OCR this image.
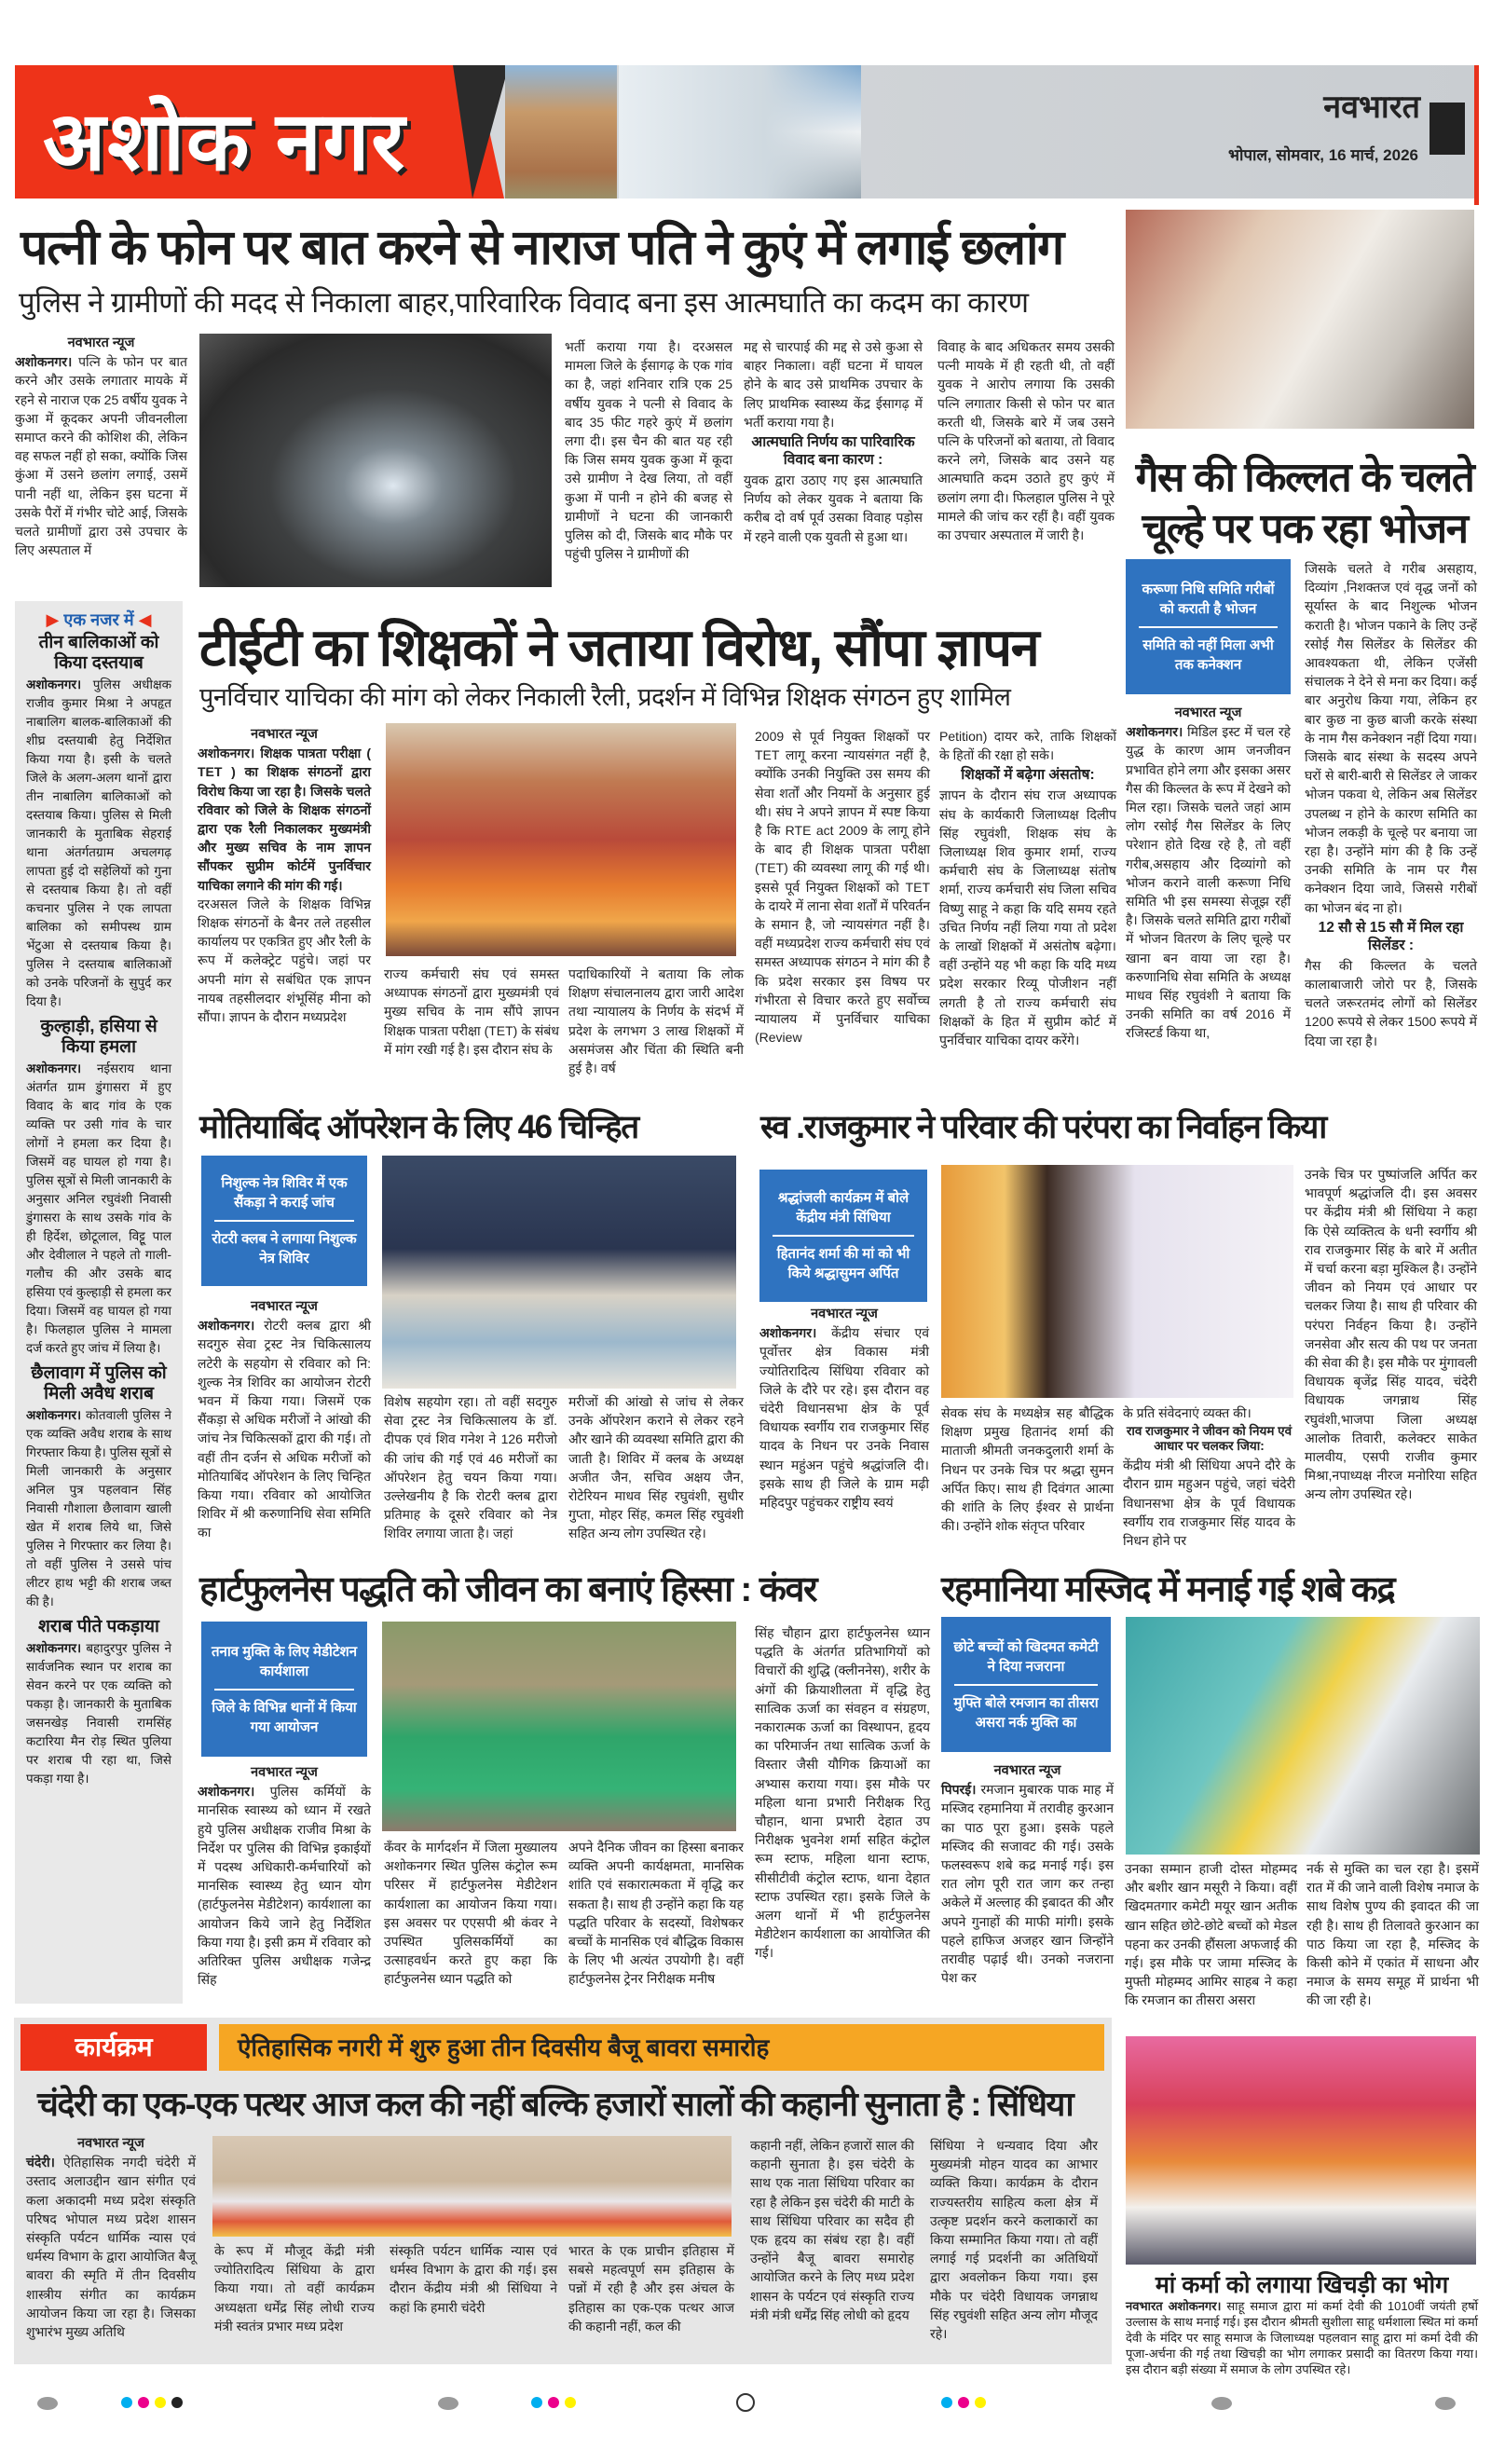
अशोक नगर	नवभारत
भोपाल, सोमवार, 16 मार्च, 2026
पत्नी के फोन पर बात करने से नाराज पति ने कुएं में लगाई छलांग
पुलिस ने ग्रामीणों की मदद से निकाला बाहर,पारिवारिक विवाद बना इस आत्मघाति का कदम का कारण
नवभारत न्यूज
अशोकनगर। पत्नि के फोन पर बात करने और उसके लगातार मायके में रहने से नाराज एक 25 वर्षीय युवक ने कुआ में कूदकर अपनी जीवनलीला समाप्त करने की कोशिश की, लेकिन वह सफल नहीं हो सका, क्योंकि जिस कुंआ में उसने छलांग लगाई, उसमें पानी नहीं था, लेकिन इस घटना में उसके पैरों में गंभीर चोटे आई, जिसके चलते ग्रामीणों द्वारा उसे उपचार के लिए अस्पताल में
भर्ती कराया गया है। दरअसल मामला जिले के ईसागढ़ के एक गांव का है, जहां शनिवार रात्रि एक 25 वर्षीय युवक ने पत्नी से विवाद के बाद 35 फीट गहरे कुएं में छलांग लगा दी। इस चैन की बात यह रही कि जिस समय युवक कुआ में कूदा उसे ग्रामीण ने देख लिया, तो वहीं कुआ में पानी न होने की बजह से ग्रामीणों ने घटना की जानकारी पुलिस को दी, जिसके बाद मौके पर पहुंची पुलिस ने ग्रामीणों की
मद्द से चारपाई की मद्द से उसे कुआ से बाहर निकाला। वहीं घटना में घायल होने के बाद उसे प्राथमिक उपचार के लिए प्राथमिक स्वास्थ्य केंद्र ईसागढ़ में भर्ती कराया गया है।
आत्मघाति निर्णय का पारिवारिक विवाद बना कारण :
युवक द्वारा उठाए गए इस आत्मघाति निर्णय को लेकर युवक ने बताया कि करीब दो वर्ष पूर्व उसका विवाह पड़ोस में रहने वाली एक युवती से हुआ था।
विवाह के बाद अधिकतर समय उसकी पत्नी मायके में ही रहती थी, तो वहीं युवक ने आरोप लगाया कि उसकी पत्नि लगातार किसी से फोन पर बात करती थी, जिसके बारे में जब उसने पत्नि के परिजनों को बताया, तो विवाद करने लगे, जिसके बाद उसने यह आत्मघाति कदम उठाते हुए कुएं में छलांग लगा दी। फिलहाल पुलिस ने पूरे मामले की जांच कर रहीं है। वहीं युवक का उपचार अस्पताल में जारी है।
गैस की किल्लत के चलते
चूल्हे पर पक रहा भोजन
करूणा निधि समिति गरीबों को कराती है भोजन
समिति को नहीं मिला अभी तक कनेक्शन
नवभारत न्यूज
अशोकनगर। मिडिल इस्ट में चल रहे युद्ध के कारण आम जनजीवन प्रभावित होने लगा और इसका असर गैस की किल्लत के रूप में देखने को मिल रहा। जिसके चलते जहां आम लोग रसोई गैस सिलेंडर के लिए परेशान होते दिख रहे है, तो वहीं गरीब,असहाय और दिव्यांगो को भोजन कराने वाली करूणा निधि समिति भी इस समस्या सेजूझ रहीं है। जिसके चलते समिति द्वारा गरीबों में भोजन वितरण के लिए चूल्हे पर खाना बन वाया जा रहा है। करुणानिधि सेवा समिति के अध्यक्ष माधव सिंह रघुवंशी ने बताया कि उनकी समिति का वर्ष 2016 में रजिस्टर्ड किया था,
जिसके चलते वे गरीब असहाय, दिव्यांग ,निशक्तज एवं वृद्ध जनों को सूर्यास्त के बाद निशुल्क भोजन कराती है। भोजन पकाने के लिए उन्हें रसोई गैस सिलेंडर के सिलेंडर की आवश्यकता थी, लेकिन एजेंसी संचालक ने देने से मना कर दिया। कई बार अनुरोध किया गया, लेकिन हर बार कुछ ना कुछ बाजी करके संस्था के नाम गैस कनेक्शन नहीं दिया गया। जिसके बाद संस्था के सदस्य अपने घरों से बारी-बारी से सिलेंडर ले जाकर भोजन पकवा थे, लेकिन अब सिलेंडर उपलब्ध न होने के कारण समिति का भोजन लकड़ी के चूल्हे पर बनाया जा रहा है। उन्होंने मांग की है कि उन्हें उनकी समिति के नाम पर गैस कनेक्शन दिया जावे, जिससे गरीबों का भोजन बंद ना हो।
12 सौ से 15 सौ में मिल रहा सिलेंडर :
गैस की किल्लत के चलते कालाबाजारी जोरो पर है, जिसके चलते जरूरतमंद लोगों को सिलेंडर 1200 रूपये से लेकर 1500 रूपये में दिया जा रहा है।
▶ एक नजर में ◀
तीन बालिकाओं को किया दस्तयाब
अशोकनगर। पुलिस अधीक्षक राजीव कुमार मिश्रा ने अपहृत नाबालिग बालक-बालिकाओं की शीघ्र दस्तयाबी हेतु निर्देशित किया गया है। इसी के चलते जिले के अलग-अलग थानों द्वारा तीन नाबालिग बालिकाओं को दस्तयाब किया। पुलिस से मिली जानकारी के मुताबिक सेहराई थाना अंतर्गतग्राम अचलगढ़ लापता हुई दो सहेलियों को गुना से दस्तयाब किया है। तो वहीं कचनार पुलिस ने एक लापता बालिका को समीपस्थ ग्राम भेंटुआ से दस्तयाब किया है। पुलिस ने दस्तयाब बालिकाओं को उनके परिजनों के सुपुर्द कर दिया है।
कुल्हाड़ी, हसिया से किया हमला
अशोकनगर। नईसराय थाना अंतर्गत ग्राम डुंगासरा में हुए विवाद के बाद गांव के एक व्यक्ति पर उसी गांव के चार लोगों ने हमला कर दिया है। जिसमें वह घायल हो गया है। पुलिस सूत्रों से मिली जानकारी के अनुसार अनिल रघुवंशी निवासी डुंगासरा के साथ उसके गांव के ही हिर्देश, छोटूलाल, विट्टू पाल और देवीलाल ने पहले तो गाली-गलौच की और उसके बाद हसिया एवं कुल्हाड़ी से हमला कर दिया। जिसमें वह घायल हो गया है। फिलहाल पुलिस ने मामला दर्ज करते हुए जांच में लिया है।
छैलावाग में पुलिस को मिली अवैध शराब
अशोकनगर। कोतवाली पुलिस ने एक व्यक्ति अवैध शराब के साथ गिरफ्तार किया है। पुलिस सूत्रों से मिली जानकारी के अनुसार अनिल पुत्र पहलवान सिंह निवासी गौशाला छैलावाग खाली खेत में शराब लिये था, जिसे पुलिस ने गिरफ्तार कर लिया है। तो वहीं पुलिस ने उससे पांच लीटर हाथ भट्टी की शराब जब्त की है।
शराब पीते पकड़ाया
अशोकनगर। बहादुरपुर पुलिस ने सार्वजनिक स्थान पर शराब का सेवन करने पर एक व्यक्ति को पकड़ा है। जानकारी के मुताबिक जसनखेड़ निवासी रामसिंह कटारिया मैन रोड़ स्थित पुलिया पर शराब पी रहा था, जिसे पकड़ा गया है।
टीईटी का शिक्षकों ने जताया विरोध, सौंपा ज्ञापन
पुनर्विचार याचिका की मांग को लेकर निकाली रैली, प्रदर्शन में विभिन्न शिक्षक संगठन हुए शामिल
नवभारत न्यूज
अशोकनगर। शिक्षक पात्रता परीक्षा ( TET ) का शिक्षक संगठनों द्वारा विरोध किया जा रहा है। जिसके चलते रविवार को जिले के शिक्षक संगठनों द्वारा एक रैली निकालकर मुख्यमंत्री और मुख्य सचिव के नाम ज्ञापन सौंपकर सुप्रीम कोर्टमें पुनर्विचार याचिका लगाने की मांग की गई।
दरअसल जिले के शिक्षक विभिन्न शिक्षक संगठनों के बैनर तले तहसील कार्यालय पर एकत्रित हुए और रैली के रूप में कलेक्ट्रेट पहुंचे। जहां पर अपनी मांग से सबंधित एक ज्ञापन नायब तहसीलदार शंभूसिंह मीना को सौंपा। ज्ञापन के दौरान मध्यप्रदेश
राज्य कर्मचारी संघ एवं समस्त अध्यापक संगठनों द्वारा मुख्यमंत्री एवं मुख्य सचिव के नाम सौंपे ज्ञापन शिक्षक पात्रता परीक्षा (TET) के संबंध में मांग रखी गई है। इस दौरान संघ के
पदाधिकारियों ने बताया कि लोक शिक्षण संचालनालय द्वारा जारी आदेश तथा न्यायालय के निर्णय के संदर्भ में प्रदेश के लगभग 3 लाख शिक्षकों में असमंजस और चिंता की स्थिति बनी हुई है। वर्ष
2009 से पूर्व नियुक्त शिक्षकों पर TET लागू करना न्यायसंगत नहीं है, क्योंकि उनकी नियुक्ति उस समय की सेवा शर्तों और नियमों के अनुसार हुई थी। संघ ने अपने ज्ञापन में स्पष्ट किया है कि RTE act 2009 के लागू होने के बाद ही शिक्षक पात्रता परीक्षा (TET) की व्यवस्था लागू की गई थी। इससे पूर्व नियुक्त शिक्षकों को TET के दायरे में लाना सेवा शर्तों में परिवर्तन के समान है, जो न्यायसंगत नहीं है। वहीं मध्यप्रदेश राज्य कर्मचारी संघ एवं समस्त अध्यापक संगठन ने मांग की है कि प्रदेश सरकार इस विषय पर गंभीरता से विचार करते हुए सर्वोच्च न्यायालय में पुनर्विचार याचिका (Review
Petition) दायर करे, ताकि शिक्षकों के हितों की रक्षा हो सके।
शिक्षकों में बढ़ेगा अंसतोष:
ज्ञापन के दौरान संघ राज अध्यापक संघ के कार्यकारी जिलाध्यक्ष दिलीप सिंह रघुवंशी, शिक्षक संघ के जिलाध्यक्ष शिव कुमार शर्मा, राज्य कर्मचारी संघ के जिलाध्यक्ष संतोष शर्मा, राज्य कर्मचारी संघ जिला सचिव विष्णु साहू ने कहा कि यदि समय रहते उचित निर्णय नहीं लिया गया तो प्रदेश के लाखों शिक्षकों में असंतोष बढ़ेगा। वहीं उन्होंने यह भी कहा कि यदि मध्य प्रदेश सरकार रिव्यू पोजीशन नहीं लगती है तो राज्य कर्मचारी संघ शिक्षकों के हित में सुप्रीम कोर्ट में पुनर्विचार याचिका दायर करेंगे।
मोतियाबिंद ऑपरेशन के लिए 46 चिन्हित
निशुल्क नेत्र शिविर में एक सैंकड़ा ने कराई जांच
रोटरी क्लब ने लगाया निशुल्क नेत्र शिविर
नवभारत न्यूज
अशोकनगर। रोटरी क्लब द्वारा श्री सदगुरु सेवा ट्रस्ट नेत्र चिकित्सालय लटेरी के सहयोग से रविवार को नि: शुल्क नेत्र शिविर का आयोजन रोटरी भवन में किया गया। जिसमें एक सैंकड़ा से अधिक मरीजों ने आंखो की जांच नेत्र चिकित्सकों द्वारा की गई। तो वहीं तीन दर्जन से अधिक मरीजों को मोतियाबिंद ऑपरेशन के लिए चिन्हित किया गया। रविवार को आयोजित शिविर में श्री करुणानिधि सेवा समिति का
विशेष सहयोग रहा। तो वहीं सदगुरु सेवा ट्रस्ट नेत्र चिकित्सालय के डॉ. दीपक एवं शिव गनेश ने 126 मरीजो की जांच की गई एवं 46 मरीजों का ऑपरेशन हेतु चयन किया गया। उल्लेखनीय है कि रोटरी क्लब द्वारा प्रतिमाह के दूसरे रविवार को नेत्र शिविर लगाया जाता है। जहां
मरीजों की आंखो से जांच से लेकर उनके ऑपरेशन कराने से लेकर रहने और खाने की व्यवस्था समिति द्वारा की जाती है। शिविर में क्लब के अध्यक्ष अजीत जैन, सचिव अक्षय जैन, रोटेरियन माधव सिंह रघुवंशी, सुधीर गुप्ता, मोहर सिंह, कमल सिंह रघुवंशी सहित अन्य लोग उपस्थित रहे।
स्व .राजकुमार ने परिवार की परंपरा का निर्वाहन किया
श्रद्धांजली कार्यक्रम में बोले केंद्रीय मंत्री सिंधिया
हितानंद शर्मा की मां को भी किये श्रद्धासुमन अर्पित
नवभारत न्यूज
अशोकनगर। केंद्रीय संचार एवं पूर्वोत्तर क्षेत्र विकास मंत्री ज्योतिरादित्य सिंधिया रविवार को जिले के दौरे पर रहे। इस दौरान वह चंदेरी विधानसभा क्षेत्र के पूर्व विधायक स्वर्गीय राव राजकुमार सिंह यादव के निधन पर उनके निवास स्थान महुंअन पहुंचे श्रद्धांजलि दी। इसके साथ ही जिले के ग्राम मढ़ी महिदपुर पहुंचकर राष्ट्रीय स्वयं
सेवक संघ के मध्यक्षेत्र सह बौद्धिक शिक्षण प्रमुख हितानंद शर्मा की माताजी श्रीमती जनकदुलारी शर्मा के निधन पर उनके चित्र पर श्रद्धा सुमन अर्पित किए। साथ ही दिवंगत आत्मा की शांति के लिए ईश्वर से प्रार्थना की। उन्होंने शोक संतृप्त परिवार
के प्रति संवेदनाएं व्यक्त की।
राव राजकुमार ने जीवन को नियम एवं आधार पर चलकर जिया:
केंद्रीय मंत्री श्री सिंधिया अपने दौरे के दौरान ग्राम महुअन पहुंचे, जहां चंदेरी विधानसभा क्षेत्र के पूर्व विधायक स्वर्गीय राव राजकुमार सिंह यादव के निधन होने पर
उनके चित्र पर पुष्पांजलि अर्पित कर भावपूर्ण श्रद्धांजलि दी। इस अवसर पर केंद्रीय मंत्री श्री सिंधिया ने कहा कि ऐसे व्यक्तित्व के धनी स्वर्गीय श्री राव राजकुमार सिंह के बारे में अतीत में चर्चा करना बड़ा मुश्किल है। उन्होंने जीवन को नियम एवं आधार पर चलकर जिया है। साथ ही परिवार की परंपरा निर्वहन किया है। उन्होंने जनसेवा और सत्य की पथ पर जनता की सेवा की है। इस मौके पर मुंगावली विधायक बृजेंद्र सिंह यादव, चंदेरी विधायक जगन्नाथ सिंह रघुवंशी,भाजपा जिला अध्यक्ष आलोक तिवारी, कलेक्टर साकेत मालवीय, एसपी राजीव कुमार मिश्रा,नपाध्यक्ष नीरज मनोरिया सहित अन्य लोग उपस्थित रहे।
हार्टफुलनेस पद्धति को जीवन का बनाएं हिस्सा : कंवर
तनाव मुक्ति के लिए मेडीटेशन कार्यशाला
जिले के विभिन्न थानों में किया गया आयोजन
नवभारत न्यूज
अशोकनगर। पुलिस कर्मियों के मानसिक स्वास्थ्य को ध्यान में रखते हुये पुलिस अधीक्षक राजीव मिश्रा के निर्देश पर पुलिस की विभिन्न इकाईयों में पदस्थ अधिकारी-कर्मचारियों को मानसिक स्वास्थ्य हेतु ध्यान योग (हार्टफुलनेस मेडीटेशन) कार्यशाला का आयोजन किये जाने हेतु निर्देशित किया गया है। इसी क्रम में रविवार को अतिरिक्त पुलिस अधीक्षक गजेन्द्र सिंह
कँवर के मार्गदर्शन में जिला मुख्यालय अशोकनगर स्थित पुलिस कंट्रोल रूम परिसर में हार्टफुलनेस मेडीटेशन कार्यशाला का आयोजन किया गया। इस अवसर पर एएसपी श्री कंवर ने उपस्थित पुलिसकर्मियों का उत्साहवर्धन करते हुए कहा कि हार्टफुलनेस ध्यान पद्धति को
अपने दैनिक जीवन का हिस्सा बनाकर व्यक्ति अपनी कार्यक्षमता, मानसिक शांति एवं सकारात्मकता में वृद्धि कर सकता है। साथ ही उन्होंने कहा कि यह पद्धति परिवार के सदस्यों, विशेषकर बच्चों के मानसिक एवं बौद्धिक विकास के लिए भी अत्यंत उपयोगी है। वहीं हार्टफुलनेस ट्रेनर निरीक्षक मनीष
सिंह चौहान द्वारा हार्टफुलनेस ध्यान पद्धति के अंतर्गत प्रतिभागियों को विचारों की शुद्धि (क्लीननेस), शरीर के अंगों की क्रियाशीलता में वृद्धि हेतु सात्विक ऊर्जा का संवहन व संग्रहण, नकारात्मक ऊर्जा का विस्थापन, हृदय का परिमार्जन तथा सात्विक ऊर्जा के विस्तार जैसी यौगिक क्रियाओं का अभ्यास कराया गया। इस मौके पर महिला थाना प्रभारी निरीक्षक रितु चौहान, थाना प्रभारी देहात उप निरीक्षक भुवनेश शर्मा सहित कंट्रोल रूम स्टाफ, महिला थाना स्टाफ, सीसीटीवी कंट्रोल स्टाफ, थाना देहात स्टाफ उपस्थित रहा। इसके जिले के अलग थानों में भी हार्टफुलनेस मेडीटेशन कार्यशाला का आयोजित की गई।
रहमानिया मस्जिद में मनाई गई शबे कद्र
छोटे बच्चों को खिदमत कमेटी ने दिया नजराना
मुफ्ति बोले रमजान का तीसरा असरा नर्क मुक्ति का
नवभारत न्यूज
पिपरई। रमजान मुबारक पाक माह में मस्जिद रहमानिया में तरावीह कुरआन का पाठ पूरा हुआ। इसके पहले मस्जिद की सजावट की गई। उसके फलस्वरूप शबे कद्र मनाई गई। इस रात लोग पूरी रात जाग कर तन्हा अकेले में अल्लाह की इबादत की और अपने गुनाहों की माफी मांगी। इसके पहले हाफिज अजहर खान जिन्होंने तरावीह पढ़ाई थी। उनको नजराना पेश कर
उनका सम्मान हाजी दोस्त मोहम्मद और बशीर खान मसूरी ने किया। वहीं खिदमतगार कमेटी मयूर खान अतीक खान सहित छोटे-छोटे बच्चों को मेडल पहना कर उनकी हौंसला अफजाई की गई। इस मौके पर जामा मस्जिद के मुफ्ती मोहम्मद आमिर साहब ने कहा कि रमजान का तीसरा असरा
नर्क से मुक्ति का चल रहा है। इसमें रात में की जाने वाली विशेष नमाज के साथ विशेष पुण्य की इवादत की जा रही है। साथ ही तिलावते कुरआन का पाठ किया जा रहा है, मस्जिद के किसी कोने में एकांत में साधना और नमाज के समय समूह में प्रार्थना भी की जा रही हे।
कार्यक्रम	ऐतिहासिक नगरी में शुरु हुआ तीन दिवसीय बैजू बावरा समारोह
चंदेरी का एक-एक पत्थर आज कल की नहीं बल्कि हजारों सालों की कहानी सुनाता है : सिंधिया
नवभारत न्यूज
चंदेरी। ऐतिहासिक नगदी चंदेरी में उस्ताद अलाउद्दीन खान संगीत एवं कला अकादमी मध्य प्रदेश संस्कृति परिषद भोपाल मध्य प्रदेश शासन संस्कृति पर्यटन धार्मिक न्यास एवं धर्मस्य विभाग के द्वारा आयोजित बैजू बावरा की स्मृति में तीन दिवसीय शास्त्रीय संगीत का कार्यक्रम आयोजन किया जा रहा है। जिसका शुभारंभ मुख्य अतिथि
के रूप में मौजूद केंद्री मंत्री ज्योतिरादित्य सिंधिया के द्वारा किया गया। तो वहीं कार्यक्रम अध्यक्षता धर्मेंद्र सिंह लोधी राज्य मंत्री स्वतंत्र प्रभार मध्य प्रदेश
संस्कृति पर्यटन धार्मिक न्यास एवं धर्मस्व विभाग के द्वारा की गई। इस दौरान केंद्रीय मंत्री श्री सिंधिया ने कहां कि हमारी चंदेरी
भारत के एक प्राचीन इतिहास में सबसे महत्वपूर्ण सम इतिहास के पन्नों में रही है और इस अंचल के इतिहास का एक-एक पत्थर आज की कहानी नहीं, कल की
कहानी नहीं, लेकिन हजारों साल की कहानी सुनाता है। इस चंदेरी के साथ एक नाता सिंधिया परिवार का रहा है लेकिन इस चंदेरी की माटी के साथ सिंधिया परिवार का सदैव ही एक हृदय का संबंध रहा है। वहीं उन्होंने बैजू बावरा समारोह आयोजित करने के लिए मध्य प्रदेश शासन के पर्यटन एवं संस्कृति राज्य मंत्री मंत्री धर्मेंद्र सिंह लोधी को हृदय
सिंधिया ने धन्यवाद दिया और मुख्यमंत्री मोहन यादव का आभार व्यक्ति किया। कार्यक्रम के दौरान राज्यस्तरीय साहित्य कला क्षेत्र में उत्कृष्ट प्रदर्शन करने कलाकारों का किया सम्मानित किया गया। तो वहीं लगाई गई प्रदर्शनी का अतिथियों द्वारा अवलोकन किया गया। इस मौके पर चंदेरी विधायक जगन्नाथ सिंह रघुवंशी सहित अन्य लोग मौजूद रहे।
मां कर्मा को लगाया खिचड़ी का भोग
नवभारत अशोकनगर। साहू समाज द्वारा मां कर्मा देवी की 1010वीं जयंती हर्षो उल्लास के साथ मनाई गई। इस दौरान श्रीमती सुशीला साहू धर्मशाला स्थित मां कर्मा देवी के मंदिर पर साहू समाज के जिलाध्यक्ष पहलवान साहू द्वारा मां कर्मा देवी की पूजा-अर्चना की गई तथा खिचड़ी का भोग लगाकर प्रसादी का वितरण किया गया। इस दौरान बड़ी संख्या में समाज के लोग उपस्थित रहे।
